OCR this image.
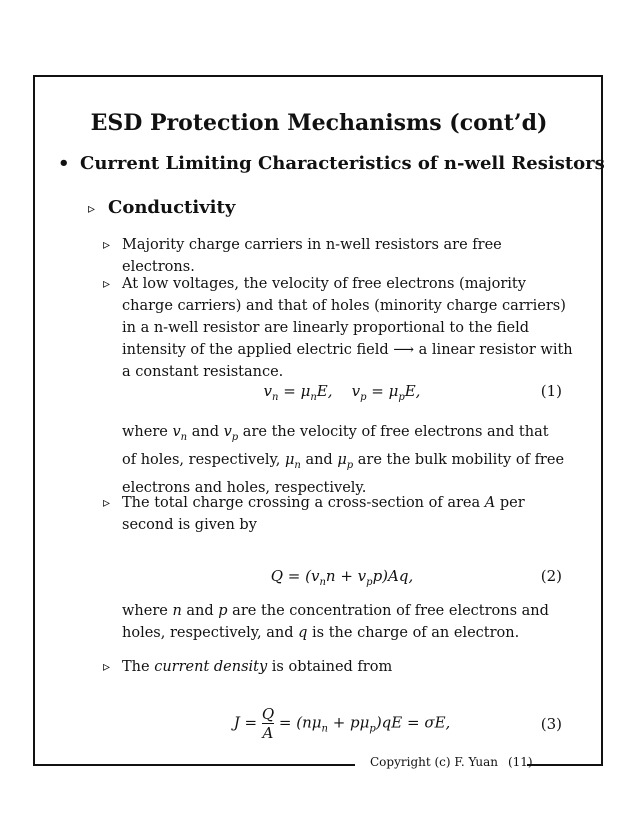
ESD Protection Mechanisms (cont’d)
• Current Limiting Characteristics of n-well Resistors
▹ Conductivity
▹ Majority charge carriers in n-well resistors are free electrons.
▹ At low voltages, the velocity of free electrons (majority charge carriers) and that of holes (minority charge carriers) in a n-well resistor are linearly proportional to the field intensity of the applied electric field ⟶ a linear resistor with a constant resistance.
$v_n = \mu_nE$, $v_p = \mu_pE$,	(1)
where $v_n$ and $v_p$ are the velocity of free electrons and that of holes, respectively, $\mu_n$ and $\mu_p$ are the bulk mobility of free electrons and holes, respectively.
▹ The total charge crossing a cross-section of area A per second is given by
$Q = (v_nn + v_pp)Aq$,	(2)
where n and p are the concentration of free electrons and holes, respectively, and q is the charge of an electron.
▹ The current density is obtained from
$J = \frac{Q}{A} = (n\mu_n + p\mu_p)qE = \sigma E$,	(3)
Copyright (c) F. Yuan (11)
